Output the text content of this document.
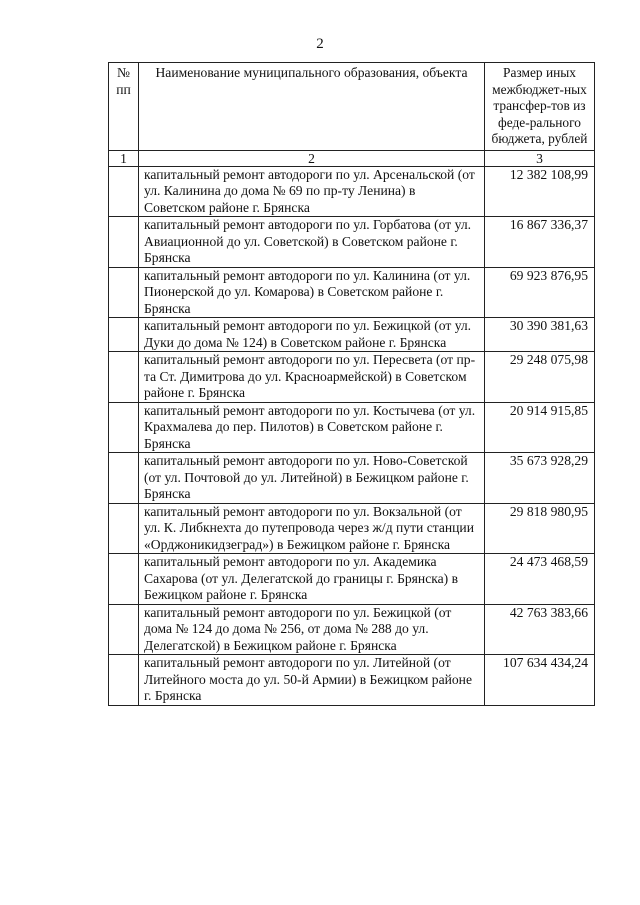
2
№ пп	Наименование муниципального образования, объекта	Размер иных межбюджет-ных трансфер-тов из феде-рального бюджета, рублей
1	2	3
	капитальный ремонт автодороги по ул. Арсенальской (от ул. Калинина до дома № 69 по пр-ту Ленина) в Советском районе г. Брянска	12 382 108,99
	капитальный ремонт автодороги по ул. Горбатова (от ул. Авиационной до ул. Советской) в Советском районе г. Брянска	16 867 336,37
	капитальный ремонт автодороги по ул. Калинина (от ул. Пионерской до ул. Комарова) в Советском районе г. Брянска	69 923 876,95
	капитальный ремонт автодороги по ул. Бежицкой (от ул. Дуки до дома № 124) в Советском районе г. Брянска	30 390 381,63
	капитальный ремонт автодороги по ул. Пересвета (от пр-та Ст. Димитрова до ул. Красноармейской) в Советском районе г. Брянска	29 248 075,98
	капитальный ремонт автодороги по ул. Костычева (от ул. Крахмалева до пер. Пилотов) в Советском районе г. Брянска	20 914 915,85
	капитальный ремонт автодороги по ул. Ново-Советской (от ул. Почтовой до ул. Литейной) в Бежицком районе г. Брянска	35 673 928,29
	капитальный ремонт автодороги по ул. Вокзальной (от ул. К. Либкнехта до путепровода через ж/д пути станции «Орджоникидзеград») в Бежицком районе г. Брянска	29 818 980,95
	капитальный ремонт автодороги по ул. Академика Сахарова (от ул. Делегатской до границы г. Брянска) в Бежицком районе г. Брянска	24 473 468,59
	капитальный ремонт автодороги по ул. Бежицкой (от дома № 124 до дома № 256, от дома № 288 до ул. Делегатской) в Бежицком районе г. Брянска	42 763 383,66
	капитальный ремонт автодороги по ул. Литейной (от Литейного моста до ул. 50-й Армии) в Бежицком районе г. Брянска	107 634 434,24
